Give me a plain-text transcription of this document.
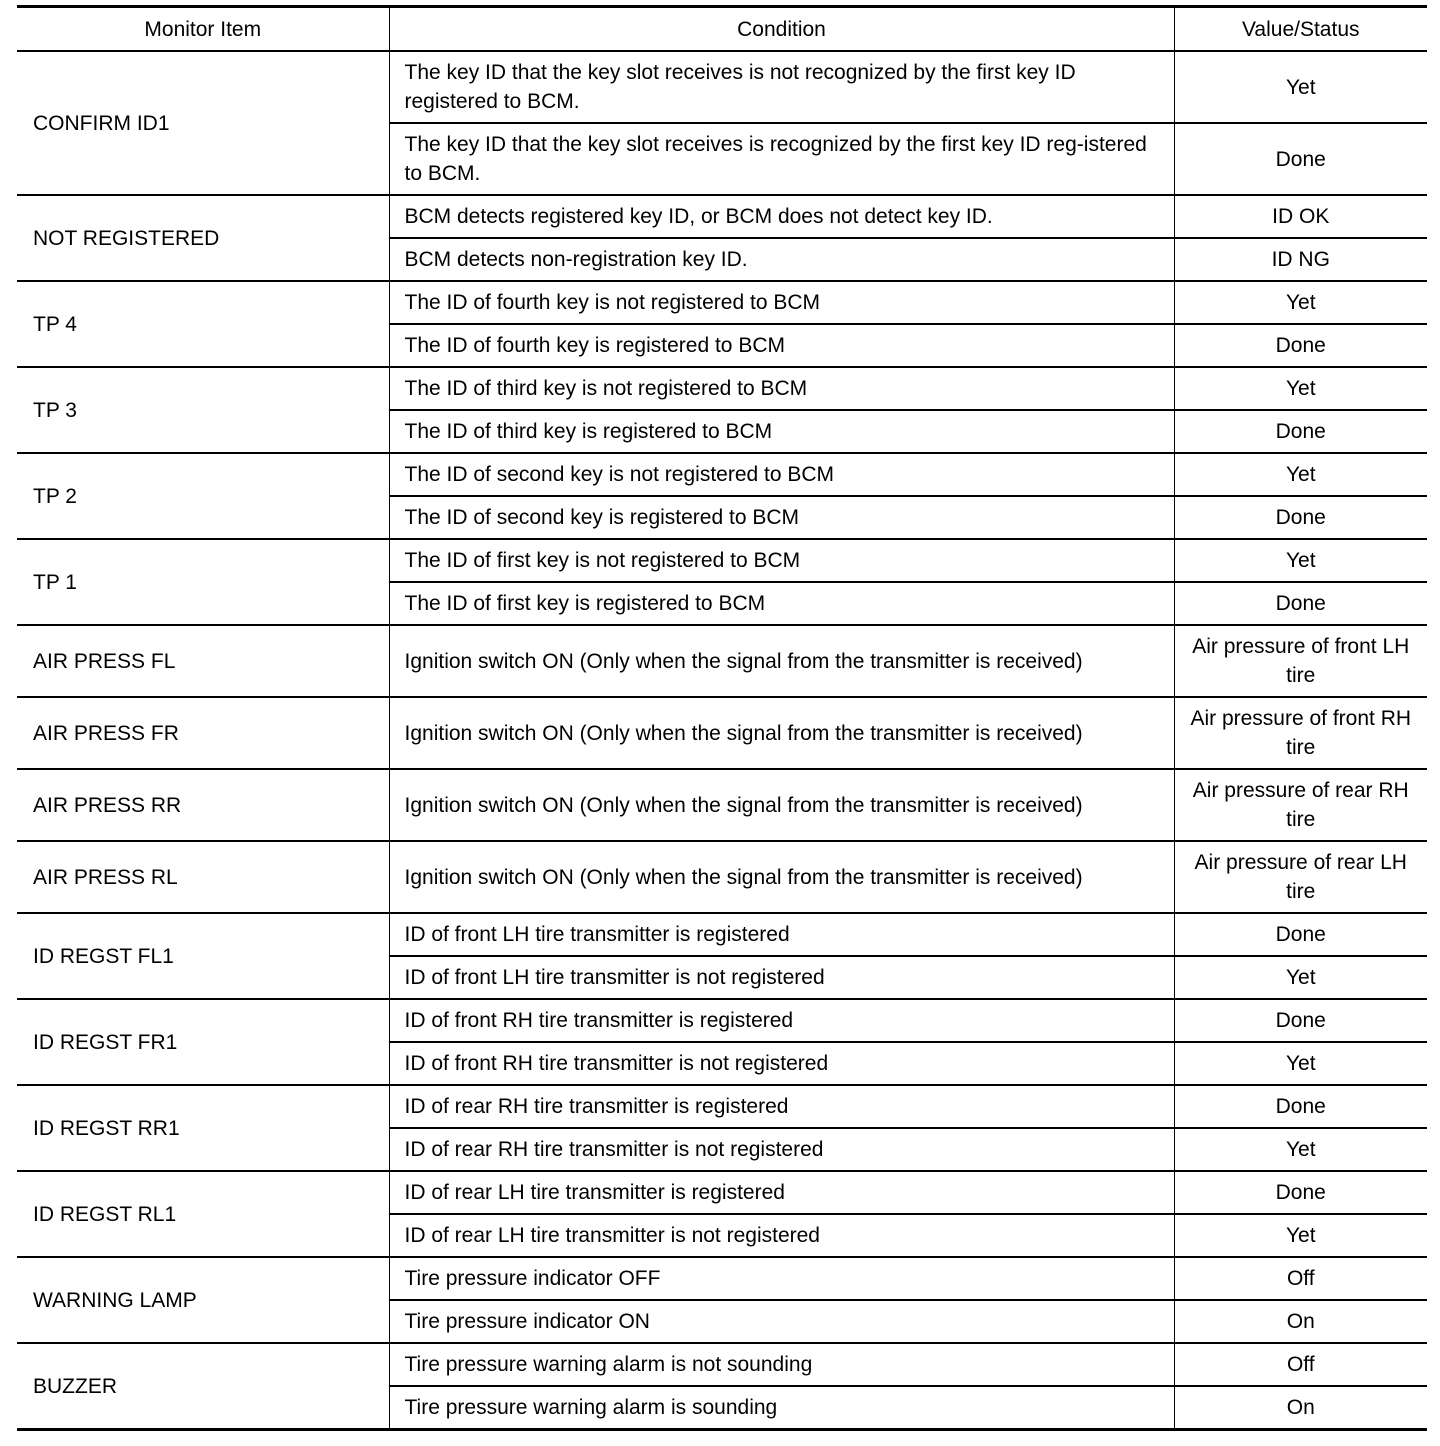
Monitor Item	Condition	Value/Status
CONFIRM ID1	The key ID that the key slot receives is not recognized by the first key ID registered to BCM.	Yet
	The key ID that the key slot receives is recognized by the first key ID reg-istered to BCM.	Done
NOT REGISTERED	BCM detects registered key ID, or BCM does not detect key ID.	ID OK
	BCM detects non-registration key ID.	ID NG
TP 4	The ID of fourth key is not registered to BCM	Yet
	The ID of fourth key is registered to BCM	Done
TP 3	The ID of third key is not registered to BCM	Yet
	The ID of third key is registered to BCM	Done
TP 2	The ID of second key is not registered to BCM	Yet
	The ID of second key is registered to BCM	Done
TP 1	The ID of first key is not registered to BCM	Yet
	The ID of first key is registered to BCM	Done
AIR PRESS FL	Ignition switch ON (Only when the signal from the transmitter is received)	Air pressure of front LH tire
AIR PRESS FR	Ignition switch ON (Only when the signal from the transmitter is received)	Air pressure of front RH tire
AIR PRESS RR	Ignition switch ON (Only when the signal from the transmitter is received)	Air pressure of rear RH tire
AIR PRESS RL	Ignition switch ON (Only when the signal from the transmitter is received)	Air pressure of rear LH tire
ID REGST FL1	ID of front LH tire transmitter is registered	Done
	ID of front LH tire transmitter is not registered	Yet
ID REGST FR1	ID of front RH tire transmitter is registered	Done
	ID of front RH tire transmitter is not registered	Yet
ID REGST RR1	ID of rear RH tire transmitter is registered	Done
	ID of rear RH tire transmitter is not registered	Yet
ID REGST RL1	ID of rear LH tire transmitter is registered	Done
	ID of rear LH tire transmitter is not registered	Yet
WARNING LAMP	Tire pressure indicator OFF	Off
	Tire pressure indicator ON	On
BUZZER	Tire pressure warning alarm is not sounding	Off
	Tire pressure warning alarm is sounding	On
